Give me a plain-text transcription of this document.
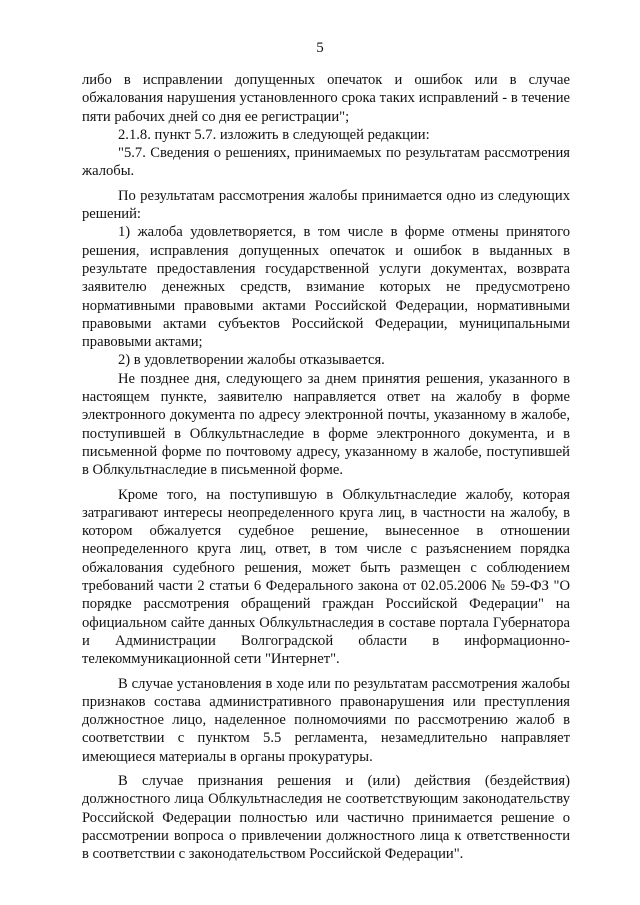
5

либо в исправлении допущенных опечаток и ошибок или в случае обжалования нарушения установленного срока таких исправлений - в течение пяти рабочих дней со дня ее регистрации";

2.1.8. пункт 5.7. изложить в следующей редакции:

"5.7. Сведения о решениях, принимаемых по результатам рассмотрения жалобы.

По результатам рассмотрения жалобы принимается одно из следующих решений:

1) жалоба удовлетворяется, в том числе в форме отмены принятого решения, исправления допущенных опечаток и ошибок в выданных в результате предоставления государственной услуги документах, возврата заявителю денежных средств, взимание которых не предусмотрено нормативными правовыми актами Российской Федерации, нормативными правовыми актами субъектов Российской Федерации, муниципальными правовыми актами;

2) в удовлетворении жалобы отказывается.

Не позднее дня, следующего за днем принятия решения, указанного в настоящем пункте, заявителю направляется ответ на жалобу в форме электронного документа по адресу электронной почты, указанному в жалобе, поступившей в Облкультнаследие в форме электронного документа, и в письменной форме по почтовому адресу, указанному в жалобе, поступившей в Облкультнаследие в письменной форме.

Кроме того, на поступившую в Облкультнаследие жалобу, которая затрагивают интересы неопределенного круга лиц, в частности на жалобу, в котором обжалуется судебное решение, вынесенное в отношении неопределенного круга лиц, ответ, в том числе с разъяснением порядка обжалования судебного решения, может быть размещен с соблюдением требований части 2 статьи 6 Федерального закона от 02.05.2006 № 59-ФЗ "О порядке рассмотрения обращений граждан Российской Федерации" на официальном сайте данных Облкультнаследия в составе портала Губернатора и Администрации Волгоградской области в информационно-телекоммуникационной сети "Интернет".

В случае установления в ходе или по результатам рассмотрения жалобы признаков состава административного правонарушения или преступления должностное лицо, наделенное полномочиями по рассмотрению жалоб в соответствии с пунктом 5.5 регламента, незамедлительно направляет имеющиеся материалы в органы прокуратуры.

В случае признания решения и (или) действия (бездействия) должностного лица Облкультнаследия не соответствующим законодательству Российской Федерации полностью или частично принимается решение о рассмотрении вопроса о привлечении должностного лица к ответственности в соответствии с законодательством Российской Федерации".
